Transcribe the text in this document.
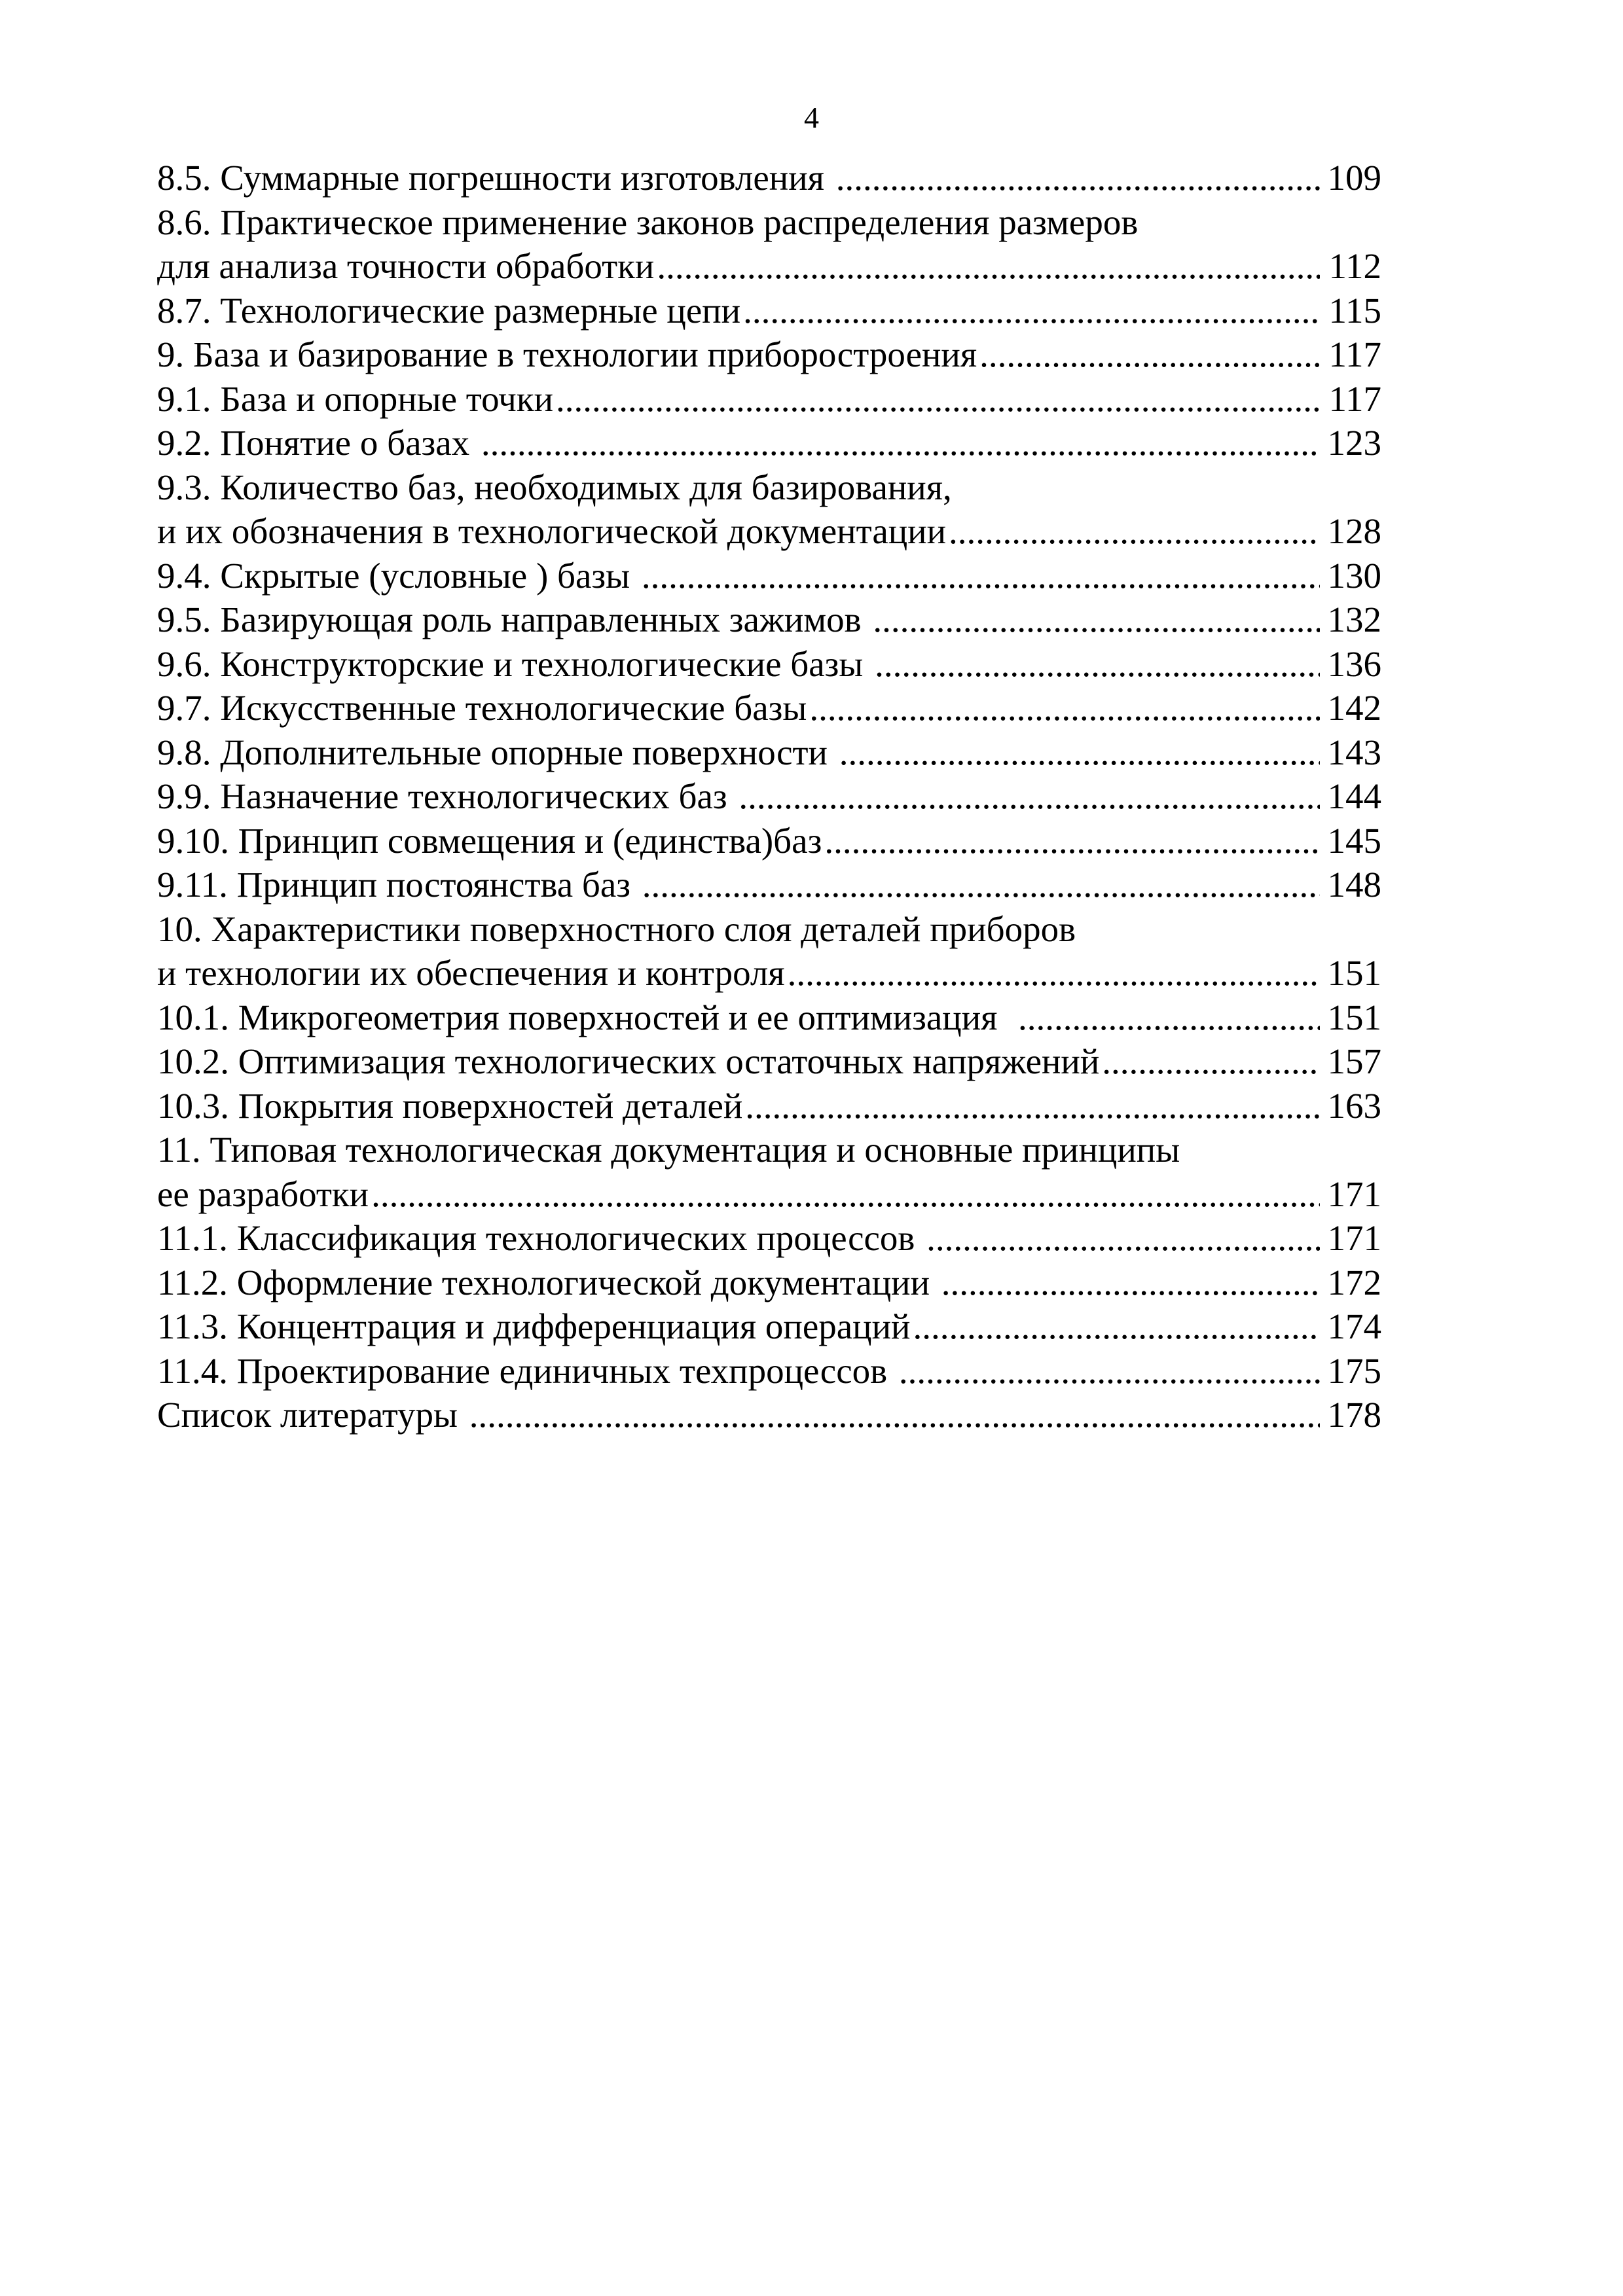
4
8.5. Суммарные погрешности изготовления .....	109
8.6. Практическое применение законов распределения размеров
для анализа точности обработки .....	112
8.7. Технологические размерные цепи .....	115
9. База и базирование в технологии приборостроения .....	117
9.1. База и опорные точки .....	117
9.2. Понятие о базах .....	123
9.3. Количество баз, необходимых для базирования,
и их обозначения в технологической документации .....	128
9.4. Скрытые (условные ) базы .....	130
9.5. Базирующая роль направленных зажимов .....	132
9.6. Конструкторские и технологические базы .....	136
9.7. Искусственные технологические базы .....	142
9.8. Дополнительные опорные поверхности .....	143
9.9. Назначение технологических баз .....	144
9.10. Принцип совмещения и (единства)баз .....	145
9.11. Принцип постоянства баз .....	148
10. Характеристики поверхностного слоя деталей приборов
и технологии их обеспечения и контроля .....	151
10.1. Микрогеометрия поверхностей и ее оптимизация .....	151
10.2. Оптимизация технологических остаточных напряжений .....	157
10.3. Покрытия поверхностей деталей .....	163
11. Типовая технологическая документация и основные принципы
ее разработки .....	171
11.1. Классификация технологических процессов .....	171
11.2. Оформление технологической документации .....	172
11.3. Концентрация и дифференциация операций .....	174
11.4. Проектирование единичных техпроцессов .....	175
Список литературы .....	178
